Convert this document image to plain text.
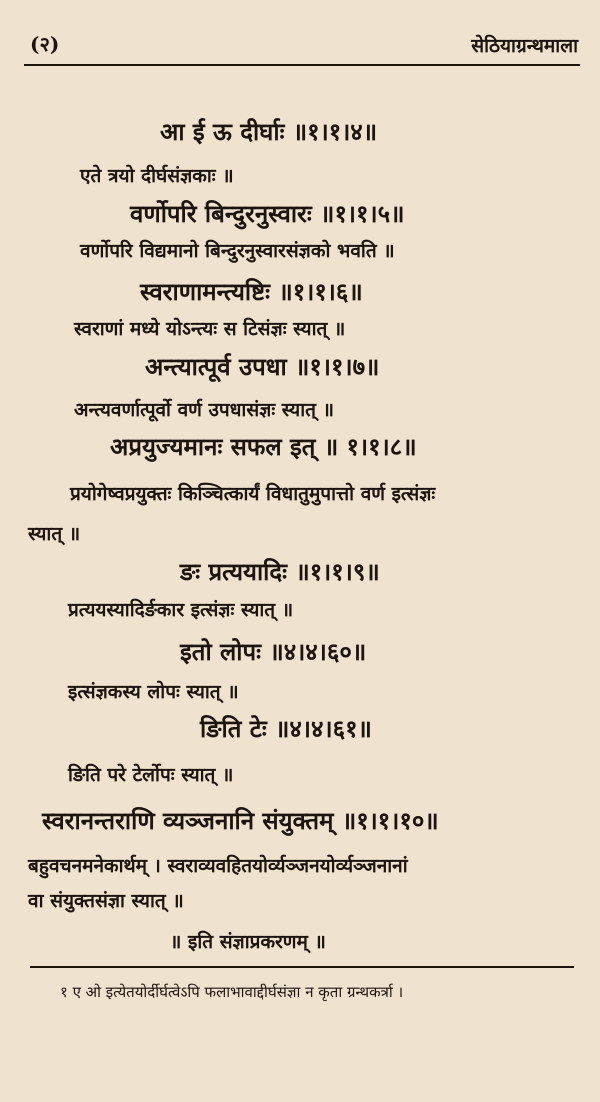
(२)	सेठियाग्रन्थमाला
आ ई ऊ दीर्घाः ॥१।१।४॥
एते त्रयो दीर्घसंज्ञकाः ॥
वर्णोपरि बिन्दुरनुस्वारः ॥१।१।५॥
वर्णोपरि विद्यमानो बिन्दुरनुस्वारसंज्ञको भवति ॥
स्वराणामन्त्यष्टिः ॥१।१।६॥
स्वराणां मध्ये योऽन्त्यः स टिसंज्ञः स्यात् ॥
अन्त्यात्पूर्व उपधा ॥१।१।७॥
अन्त्यवर्णात्पूर्वो वर्ण उपधासंज्ञः स्यात् ॥
अप्रयुज्यमानः सफल इत् ॥ १।१।८॥
प्रयोगेष्वप्रयुक्तः किञ्चित्कार्यं विधातुमुपात्तो वर्ण इत्संज्ञः
स्यात् ॥
ङः प्रत्ययादिः ॥१।१।९॥
प्रत्ययस्यादिर्ङकार इत्संज्ञः स्यात् ॥
इतो लोपः ॥४।४।६०॥
इत्संज्ञकस्य लोपः स्यात् ॥
ङिति टेः ॥४।४।६१॥
ङिति परे टेर्लोपः स्यात् ॥
स्वरानन्तराणि व्यञ्जनानि संयुक्तम् ॥१।१।१०॥
बहुवचनमनेकार्थम् । स्वराव्यवहितयोर्व्यञ्जनयोर्व्यञ्जनानां
वा संयुक्तसंज्ञा स्यात् ॥
॥ इति संज्ञाप्रकरणम् ॥
१ ए ओ इत्येतयोर्दीर्घत्वेऽपि फलाभावाद्दीर्घसंज्ञा न कृता ग्रन्थकर्त्रा ।
